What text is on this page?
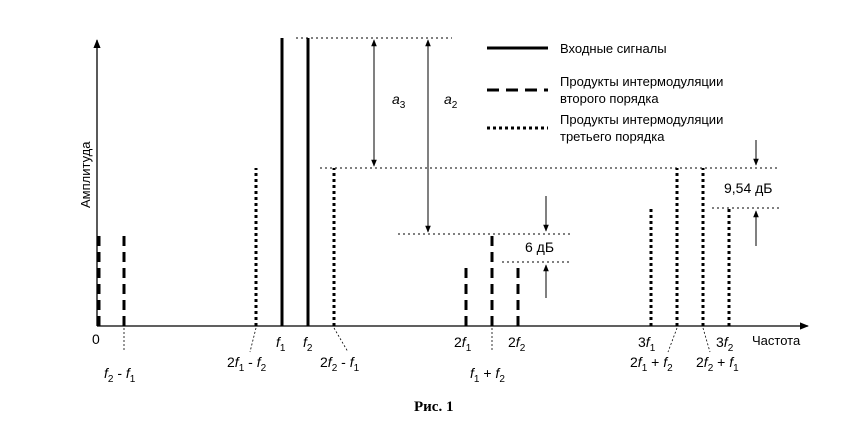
Амплитуда
Частота
0
$a_3$	$a_2$
6 дБ
9,54 дБ
Входные сигналы
Продукты интермодуляции
второго порядка
Продукты интермодуляции
третьего порядка
$f_1$ $f_2$	$2f_1$	$2f_2$	$3f_1$	$3f_2$
$2f_1 - f_2$	$2f_2 - f_1$	$f_1 + f_2$
$2f_1 + f_2$ $2f_2 + f_1$
$f_2 - f_1$
Рис. 1
